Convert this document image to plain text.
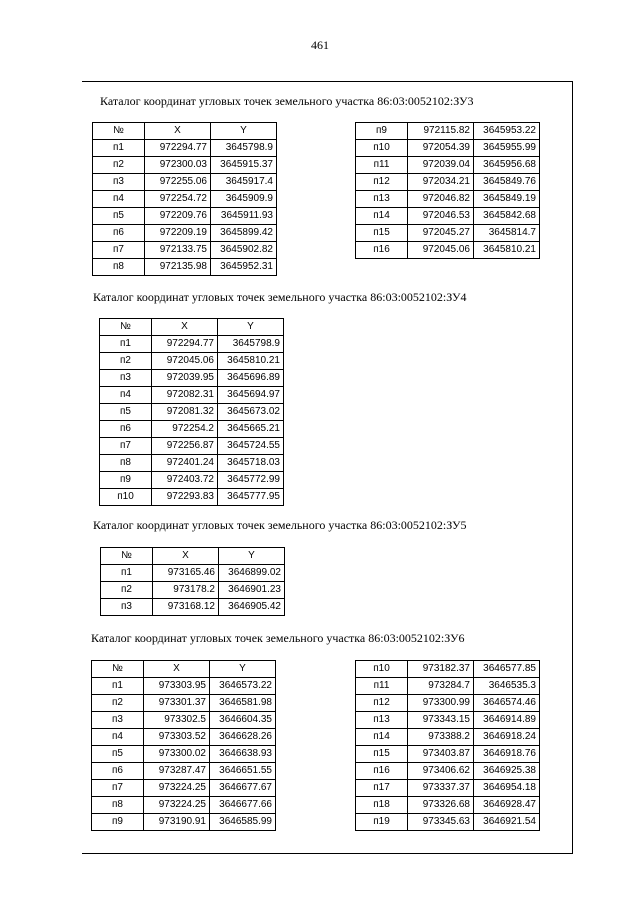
461
Каталог координат угловых точек земельного участка 86:03:0052102:ЗУ3
№	X	Y
п1	972294.77	3645798.9
п2	972300.03	3645915.37
п3	972255.06	3645917.4
п4	972254.72	3645909.9
п5	972209.76	3645911.93
п6	972209.19	3645899.42
п7	972133.75	3645902.82
п8	972135.98	3645952.31
п9	972115.82	3645953.22
п10	972054.39	3645955.99
п11	972039.04	3645956.68
п12	972034.21	3645849.76
п13	972046.82	3645849.19
п14	972046.53	3645842.68
п15	972045.27	3645814.7
п16	972045.06	3645810.21
Каталог координат угловых точек земельного участка 86:03:0052102:ЗУ4
№	X	Y
п1	972294.77	3645798.9
п2	972045.06	3645810.21
п3	972039.95	3645696.89
п4	972082.31	3645694.97
п5	972081.32	3645673.02
п6	972254.2	3645665.21
п7	972256.87	3645724.55
п8	972401.24	3645718.03
п9	972403.72	3645772.99
п10	972293.83	3645777.95
Каталог координат угловых точек земельного участка 86:03:0052102:ЗУ5
№	X	Y
п1	973165.46	3646899.02
п2	973178.2	3646901.23
п3	973168.12	3646905.42
Каталог координат угловых точек земельного участка 86:03:0052102:ЗУ6
№	X	Y
п1	973303.95	3646573.22
п2	973301.37	3646581.98
п3	973302.5	3646604.35
п4	973303.52	3646628.26
п5	973300.02	3646638.93
п6	973287.47	3646651.55
п7	973224.25	3646677.67
п8	973224.25	3646677.66
п9	973190.91	3646585.99
п10	973182.37	3646577.85
п11	973284.7	3646535.3
п12	973300.99	3646574.46
п13	973343.15	3646914.89
п14	973388.2	3646918.24
п15	973403.87	3646918.76
п16	973406.62	3646925.38
п17	973337.37	3646954.18
п18	973326.68	3646928.47
п19	973345.63	3646921.54
